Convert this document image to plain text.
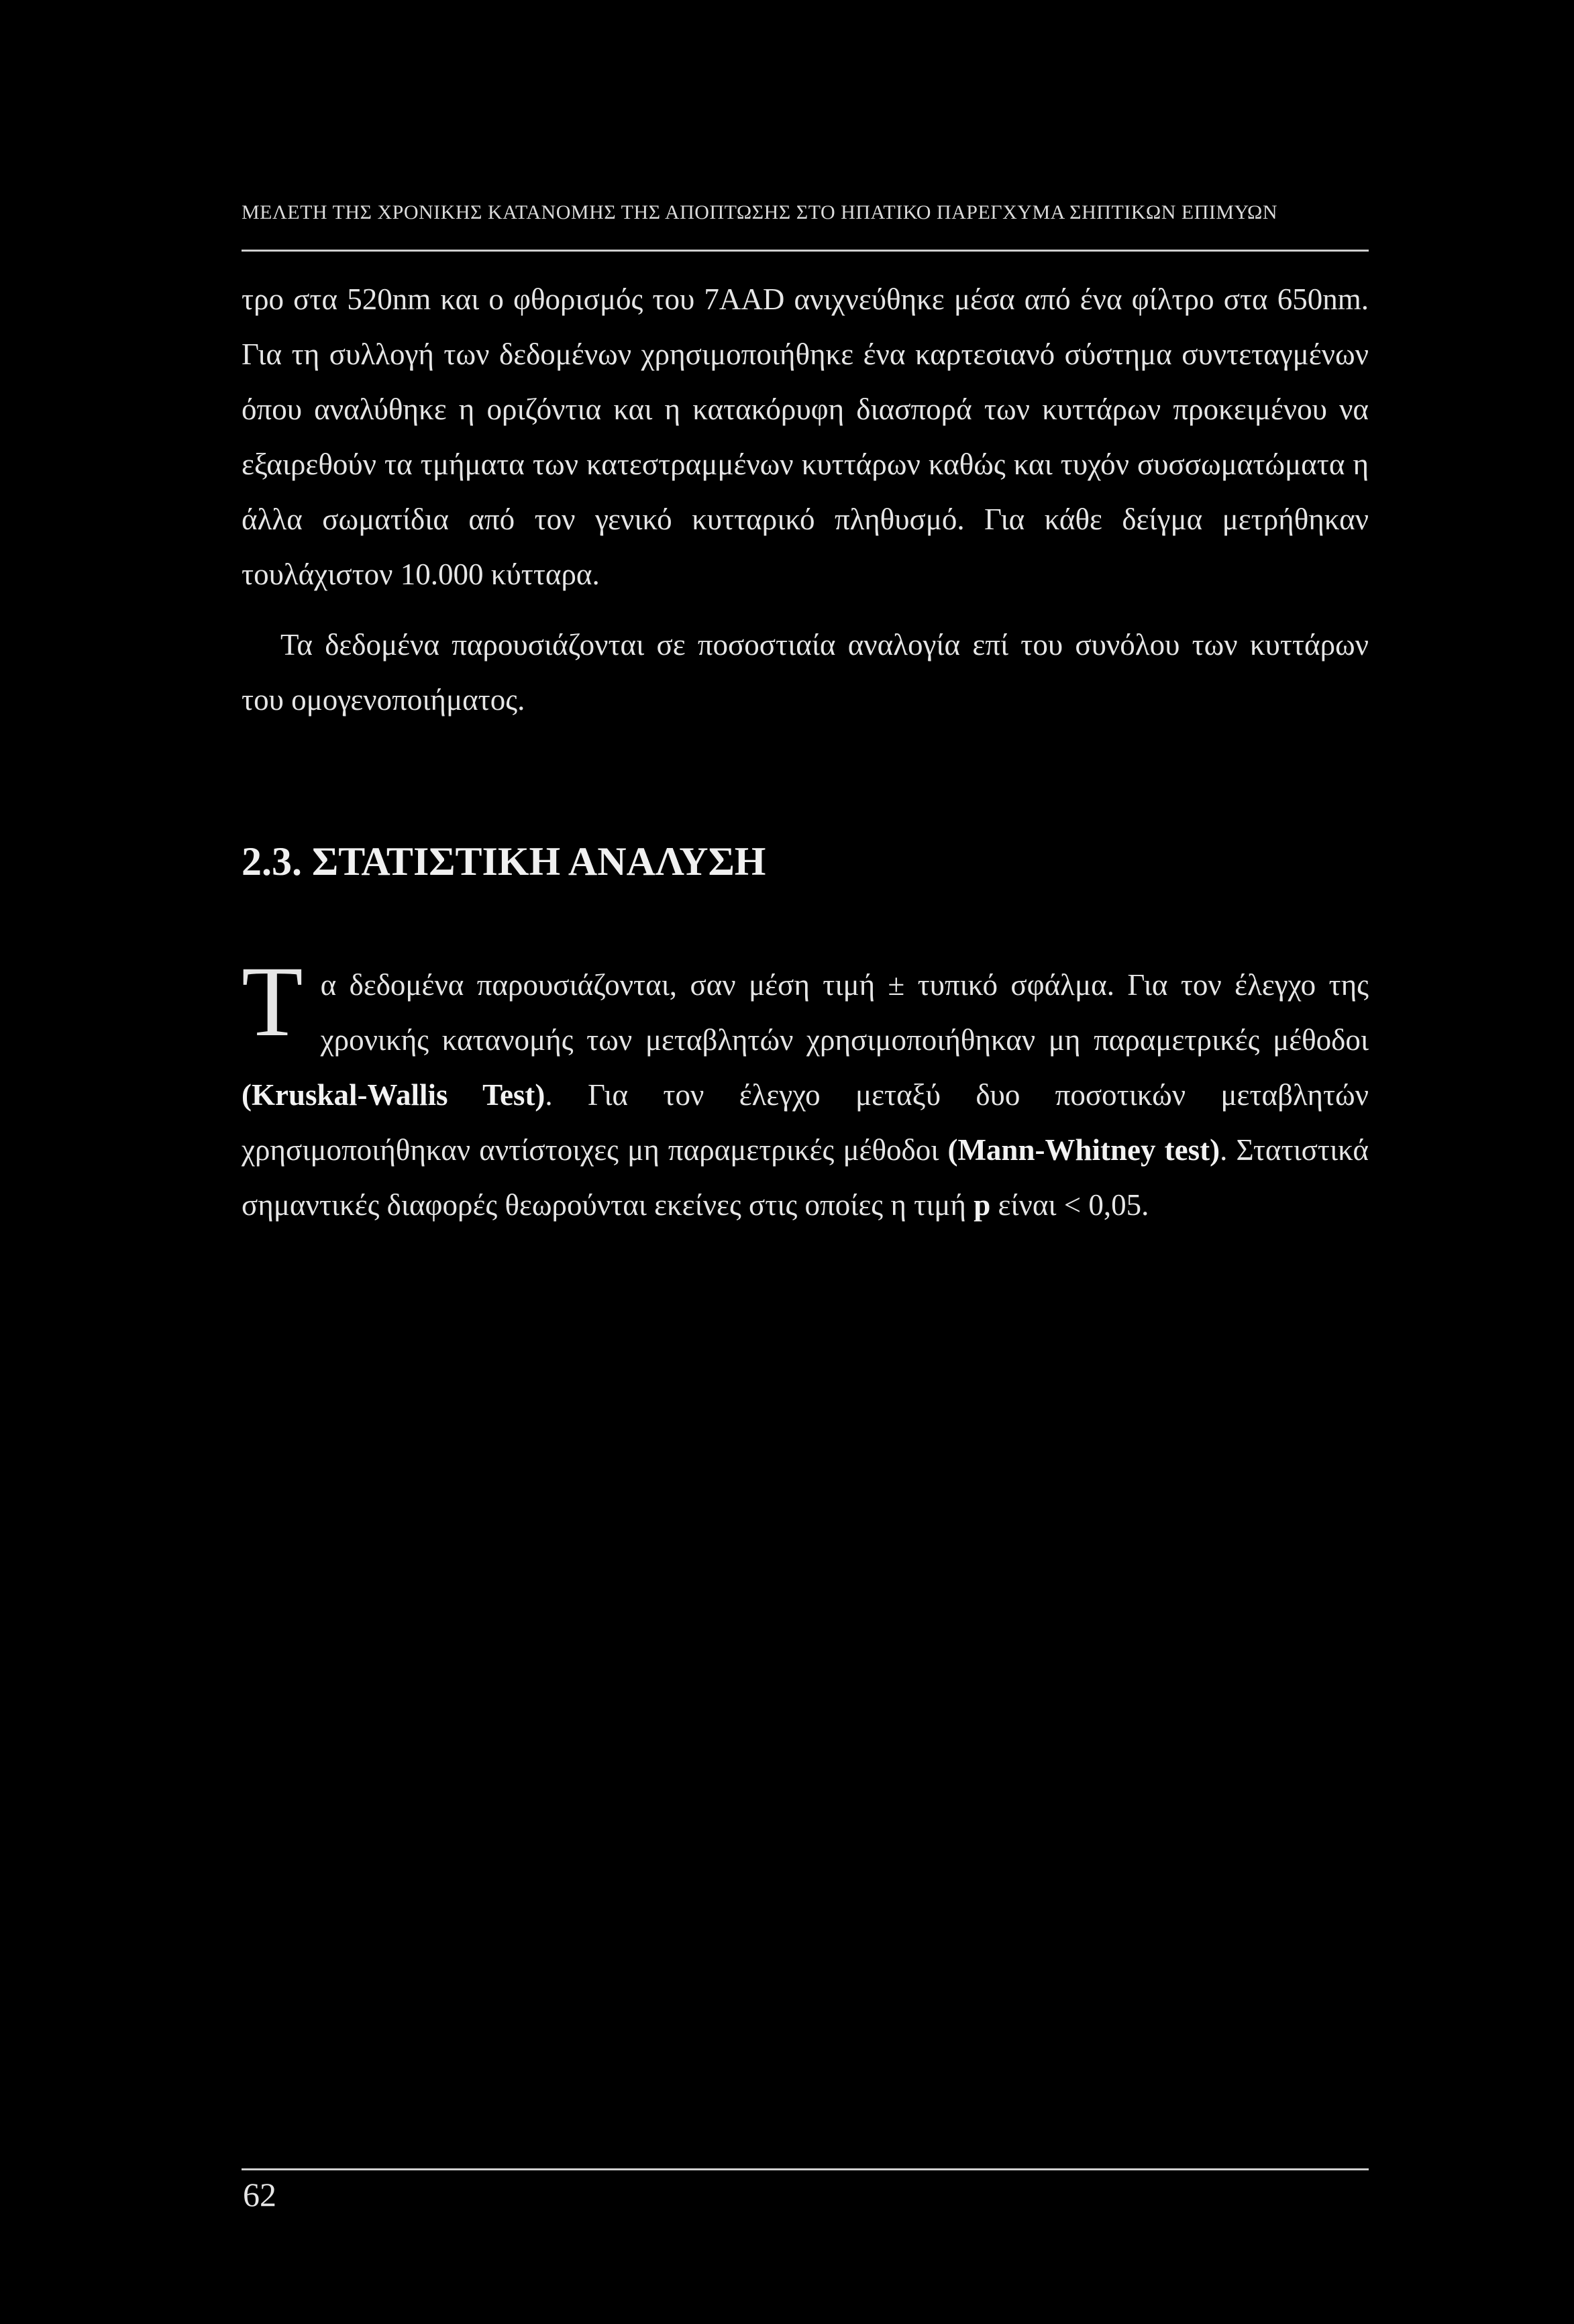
ΜΕΛΕΤΗ ΤΗΣ ΧΡΟΝΙΚΗΣ ΚΑΤΑΝΟΜΗΣ ΤΗΣ ΑΠΟΠΤΩΣΗΣ ΣΤΟ ΗΠΑΤΙΚΟ ΠΑΡΕΓΧΥΜΑ ΣΗΠΤΙΚΩΝ ΕΠΙΜΥΩΝ
τρο στα 520nm και ο φθορισμός του 7AAD ανιχνεύθηκε μέσα από ένα φίλτρο στα 650nm. Για τη συλλογή των δεδομένων χρησιμοποιήθηκε ένα καρτεσιανό σύστημα συντεταγμένων όπου αναλύθηκε η οριζόντια και η κατακόρυφη διασπορά των κυττάρων προκειμένου να εξαιρεθούν τα τμήματα των κατεστραμμένων κυττάρων καθώς και τυχόν συσσωματώματα η άλλα σωματίδια από τον γενικό κυτταρικό πληθυσμό. Για κάθε δείγμα μετρήθηκαν τουλάχιστον 10.000 κύτταρα.
Τα δεδομένα παρουσιάζονται σε ποσοστιαία αναλογία επί του συνόλου των κυττάρων του ομογενοποιήματος.
2.3. ΣΤΑΤΙΣΤΙΚΗ ΑΝΑΛΥΣΗ
Τα δεδομένα παρουσιάζονται, σαν μέση τιμή ± τυπικό σφάλμα. Για τον έλεγχο της χρονικής κατανομής των μεταβλητών χρησιμοποιήθηκαν μη παραμετρικές μέθοδοι (Kruskal-Wallis Test). Για τον έλεγχο μεταξύ δυο ποσοτικών μεταβλητών χρησιμοποιήθηκαν αντίστοιχες μη παραμετρικές μέθοδοι (Mann-Whitney test). Στατιστικά σημαντικές διαφορές θεωρούνται εκείνες στις οποίες η τιμή p είναι < 0,05.
62
